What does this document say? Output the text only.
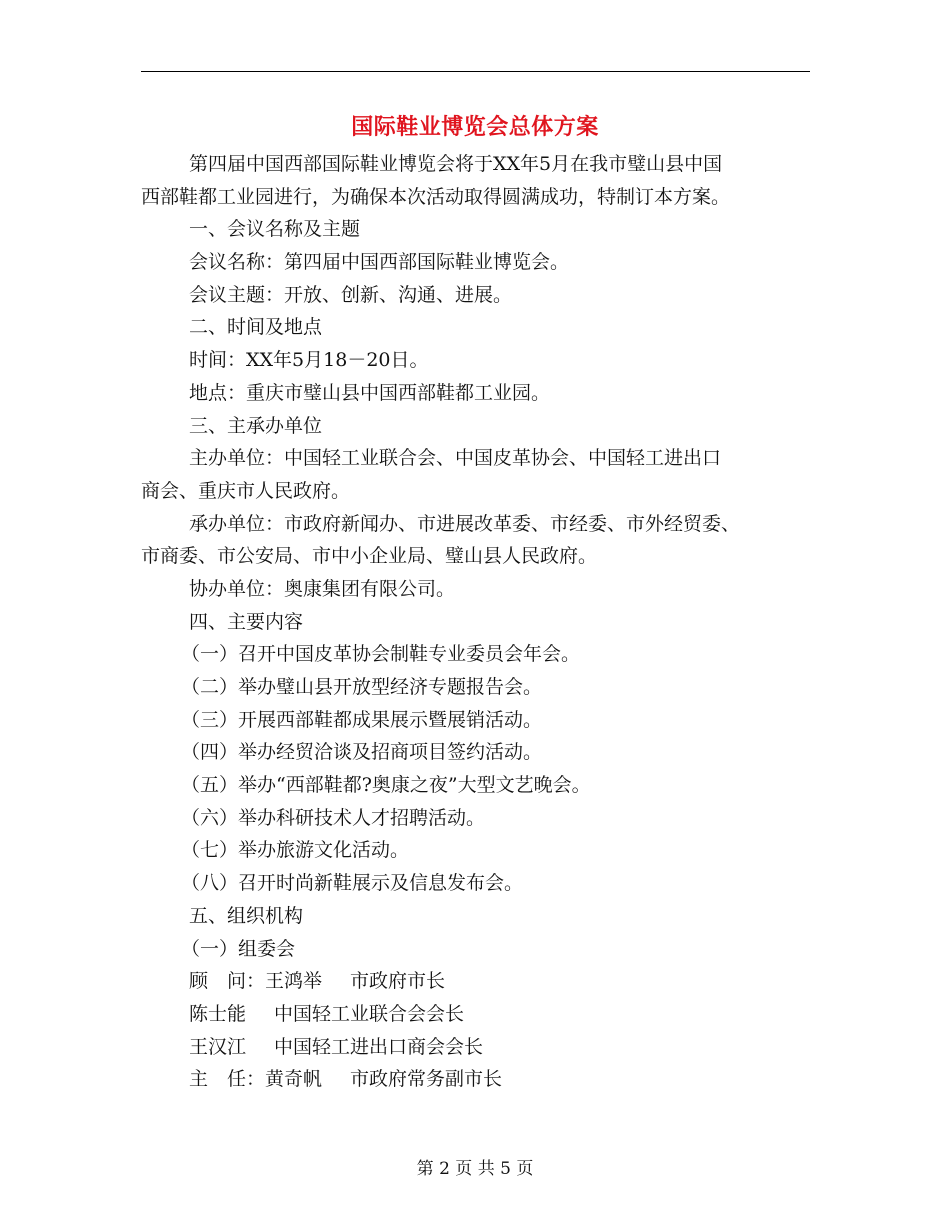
国际鞋业博览会总体方案
第四届中国西部国际鞋业博览会将于XX年5月在我市璧山县中国
西部鞋都工业园进行，为确保本次活动取得圆满成功，特制订本方案。
一、会议名称及主题
会议名称：第四届中国西部国际鞋业博览会。
会议主题：开放、创新、沟通、进展。
二、时间及地点
时间：XX年5月18－20日。
地点：重庆市璧山县中国西部鞋都工业园。
三、主承办单位
主办单位：中国轻工业联合会、中国皮革协会、中国轻工进出口
商会、重庆市人民政府。
承办单位：市政府新闻办、市进展改革委、市经委、市外经贸委、
市商委、市公安局、市中小企业局、璧山县人民政府。
协办单位：奥康集团有限公司。
四、主要内容
（一）召开中国皮革协会制鞋专业委员会年会。
（二）举办璧山县开放型经济专题报告会。
（三）开展西部鞋都成果展示暨展销活动。
（四）举办经贸洽谈及招商项目签约活动。
（五）举办“西部鞋都?奥康之夜”大型文艺晚会。
（六）举办科研技术人才招聘活动。
（七）举办旅游文化活动。
（八）召开时尚新鞋展示及信息发布会。
五、组织机构
（一）组委会
顾　问：王鸿举 市政府市长
陈士能 中国轻工业联合会会长
王汉江 中国轻工进出口商会会长
主　任：黄奇帆 市政府常务副市长
第 2 页 共 5 页
